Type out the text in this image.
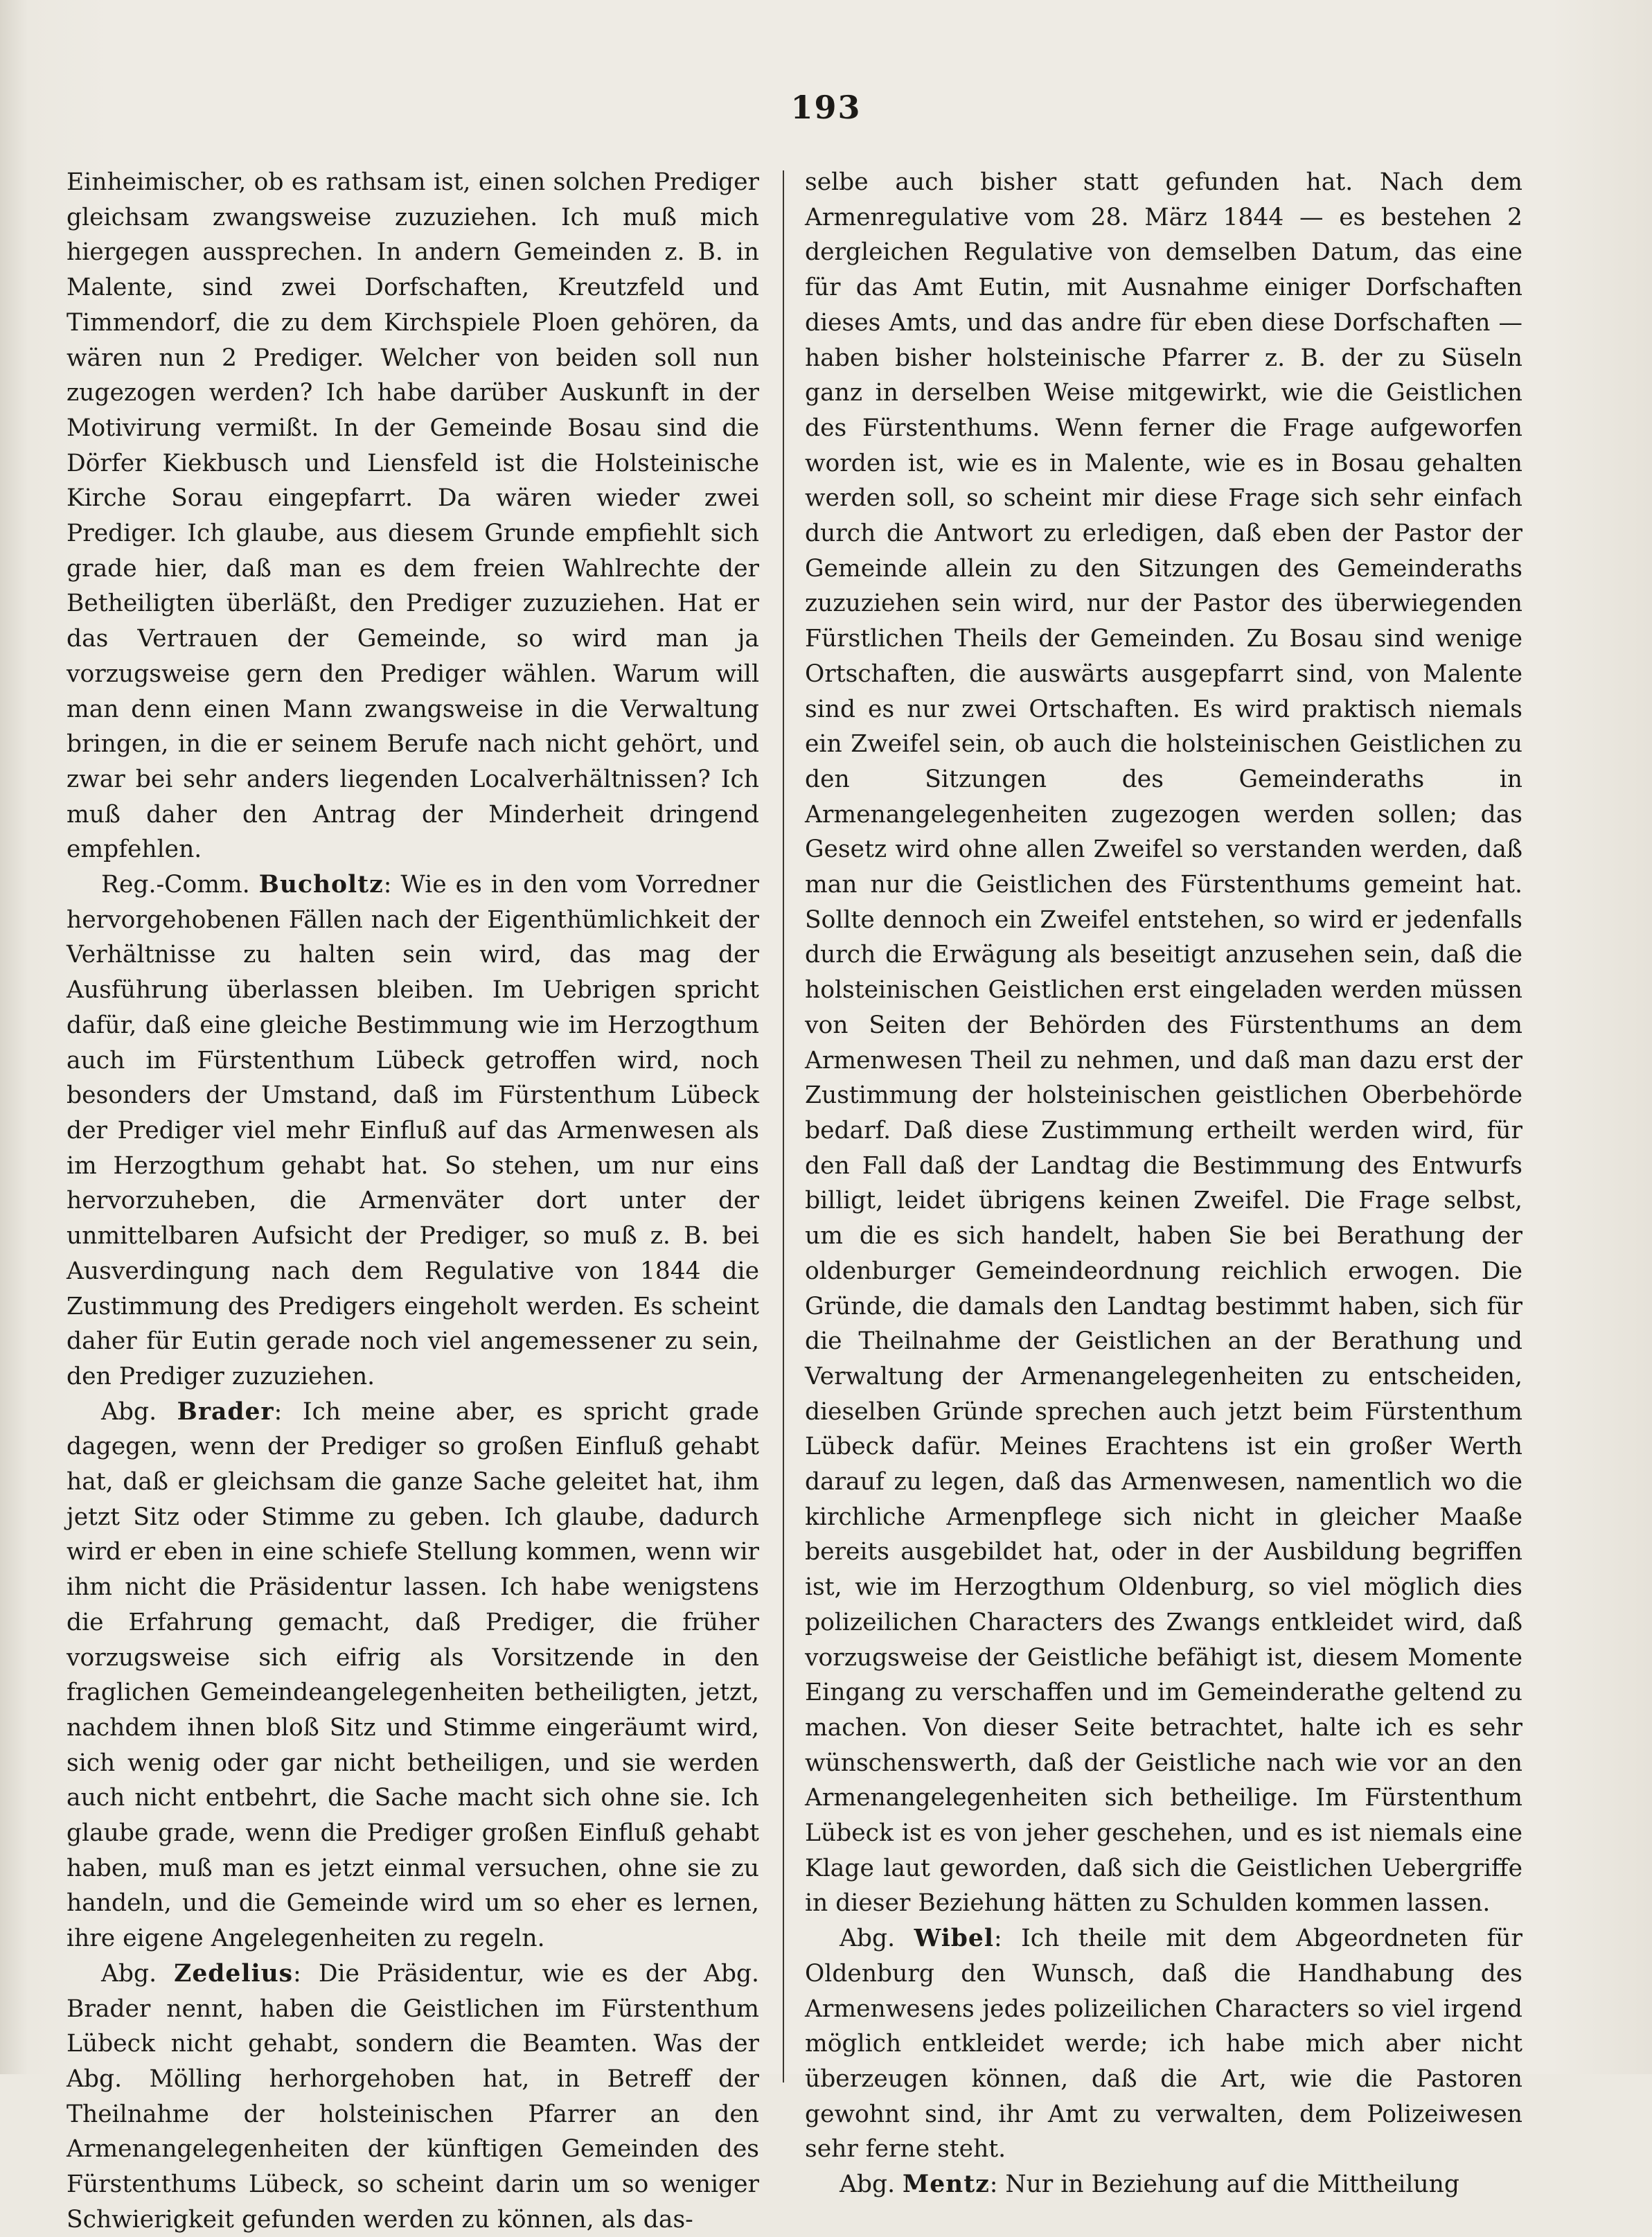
193

Einheimischer, ob es rathsam ist, einen solchen Prediger gleichsam zwangsweise zuzuziehen. Ich muß mich hiergegen aussprechen. In andern Gemeinden z. B. in Malente, sind zwei Dorfschaften, Kreutzfeld und Timmendorf, die zu dem Kirchspiele Ploen gehören, da wären nun 2 Prediger. Welcher von beiden soll nun zugezogen werden? Ich habe darüber Auskunft in der Motivirung vermißt. In der Gemeinde Bosau sind die Dörfer Kiekbusch und Liensfeld ist die Holsteinische Kirche Sorau eingepfarrt. Da wären wieder zwei Prediger. Ich glaube, aus diesem Grunde empfiehlt sich grade hier, daß man es dem freien Wahlrechte der Betheiligten überläßt, den Prediger zuzuziehen. Hat er das Vertrauen der Gemeinde, so wird man ja vorzugsweise gern den Prediger wählen. Warum will man denn einen Mann zwangsweise in die Verwaltung bringen, in die er seinem Berufe nach nicht gehört, und zwar bei sehr anders liegenden Localverhältnissen? Ich muß daher den Antrag der Minderheit dringend empfehlen.

Reg.-Comm. Bucholtz: Wie es in den vom Vorredner hervorgehobenen Fällen nach der Eigenthümlichkeit der Verhältnisse zu halten sein wird, das mag der Ausführung überlassen bleiben. Im Uebrigen spricht dafür, daß eine gleiche Bestimmung wie im Herzogthum auch im Fürstenthum Lübeck getroffen wird, noch besonders der Umstand, daß im Fürstenthum Lübeck der Prediger viel mehr Einfluß auf das Armenwesen als im Herzogthum gehabt hat. So stehen, um nur eins hervorzuheben, die Armenväter dort unter der unmittelbaren Aufsicht der Prediger, so muß z. B. bei Ausverdingung nach dem Regulative von 1844 die Zustimmung des Predigers eingeholt werden. Es scheint daher für Eutin gerade noch viel angemessener zu sein, den Prediger zuzuziehen.

Abg. Brader: Ich meine aber, es spricht grade dagegen, wenn der Prediger so großen Einfluß gehabt hat, daß er gleichsam die ganze Sache geleitet hat, ihm jetzt Sitz oder Stimme zu geben. Ich glaube, dadurch wird er eben in eine schiefe Stellung kommen, wenn wir ihm nicht die Präsidentur lassen. Ich habe wenigstens die Erfahrung gemacht, daß Prediger, die früher vorzugsweise sich eifrig als Vorsitzende in den fraglichen Gemeindeangelegenheiten betheiligten, jetzt, nachdem ihnen bloß Sitz und Stimme eingeräumt wird, sich wenig oder gar nicht betheiligen, und sie werden auch nicht entbehrt, die Sache macht sich ohne sie. Ich glaube grade, wenn die Prediger großen Einfluß gehabt haben, muß man es jetzt einmal versuchen, ohne sie zu handeln, und die Gemeinde wird um so eher es lernen, ihre eigene Angelegenheiten zu regeln.

Abg. Zedelius: Die Präsidentur, wie es der Abg. Brader nennt, haben die Geistlichen im Fürstenthum Lübeck nicht gehabt, sondern die Beamten. Was der Abg. Mölling herhorgehoben hat, in Betreff der Theilnahme der holsteinischen Pfarrer an den Armenangelegenheiten der künftigen Gemeinden des Fürstenthums Lübeck, so scheint darin um so weniger Schwierigkeit gefunden werden zu können, als das-

selbe auch bisher statt gefunden hat. Nach dem Armenregulative vom 28. März 1844 — es bestehen 2 dergleichen Regulative von demselben Datum, das eine für das Amt Eutin, mit Ausnahme einiger Dorfschaften dieses Amts, und das andre für eben diese Dorfschaften — haben bisher holsteinische Pfarrer z. B. der zu Süseln ganz in derselben Weise mitgewirkt, wie die Geistlichen des Fürstenthums. Wenn ferner die Frage aufgeworfen worden ist, wie es in Malente, wie es in Bosau gehalten werden soll, so scheint mir diese Frage sich sehr einfach durch die Antwort zu erledigen, daß eben der Pastor der Gemeinde allein zu den Sitzungen des Gemeinderaths zuzuziehen sein wird, nur der Pastor des überwiegenden Fürstlichen Theils der Gemeinden. Zu Bosau sind wenige Ortschaften, die auswärts ausgepfarrt sind, von Malente sind es nur zwei Ortschaften. Es wird praktisch niemals ein Zweifel sein, ob auch die holsteinischen Geistlichen zu den Sitzungen des Gemeinderaths in Armenangelegenheiten zugezogen werden sollen; das Gesetz wird ohne allen Zweifel so verstanden werden, daß man nur die Geistlichen des Fürstenthums gemeint hat. Sollte dennoch ein Zweifel entstehen, so wird er jedenfalls durch die Erwägung als beseitigt anzusehen sein, daß die holsteinischen Geistlichen erst eingeladen werden müssen von Seiten der Behörden des Fürstenthums an dem Armenwesen Theil zu nehmen, und daß man dazu erst der Zustimmung der holsteinischen geistlichen Oberbehörde bedarf. Daß diese Zustimmung ertheilt werden wird, für den Fall daß der Landtag die Bestimmung des Entwurfs billigt, leidet übrigens keinen Zweifel. Die Frage selbst, um die es sich handelt, haben Sie bei Berathung der oldenburger Gemeindeordnung reichlich erwogen. Die Gründe, die damals den Landtag bestimmt haben, sich für die Theilnahme der Geistlichen an der Berathung und Verwaltung der Armenangelegenheiten zu entscheiden, dieselben Gründe sprechen auch jetzt beim Fürstenthum Lübeck dafür. Meines Erachtens ist ein großer Werth darauf zu legen, daß das Armenwesen, namentlich wo die kirchliche Armenpflege sich nicht in gleicher Maaße bereits ausgebildet hat, oder in der Ausbildung begriffen ist, wie im Herzogthum Oldenburg, so viel möglich dies polizeilichen Characters des Zwangs entkleidet wird, daß vorzugsweise der Geistliche befähigt ist, diesem Momente Eingang zu verschaffen und im Gemeinderathe geltend zu machen. Von dieser Seite betrachtet, halte ich es sehr wünschenswerth, daß der Geistliche nach wie vor an den Armenangelegenheiten sich betheilige. Im Fürstenthum Lübeck ist es von jeher geschehen, und es ist niemals eine Klage laut geworden, daß sich die Geistlichen Uebergriffe in dieser Beziehung hätten zu Schulden kommen lassen.

Abg. Wibel: Ich theile mit dem Abgeordneten für Oldenburg den Wunsch, daß die Handhabung des Armenwesens jedes polizeilichen Characters so viel irgend möglich entkleidet werde; ich habe mich aber nicht überzeugen können, daß die Art, wie die Pastoren gewohnt sind, ihr Amt zu verwalten, dem Polizeiwesen sehr ferne steht.

Abg. Mentz: Nur in Beziehung auf die Mittheilung
